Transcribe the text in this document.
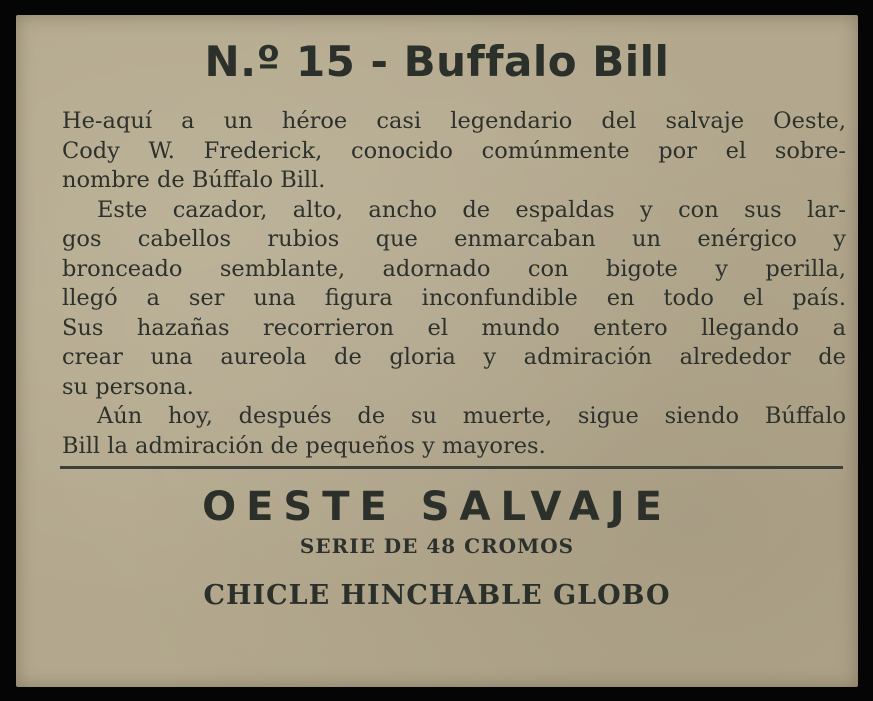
N.º 15 - Buffalo Bill
He-aquí a un héroe casi legendario del salvaje Oeste,
Cody W. Frederick, conocido comúnmente por el sobre-
nombre de Búffalo Bill.
Este cazador, alto, ancho de espaldas y con sus lar-
gos cabellos rubios que enmarcaban un enérgico y
bronceado semblante, adornado con bigote y perilla,
llegó a ser una figura inconfundible en todo el país.
Sus hazañas recorrieron el mundo entero llegando a
crear una aureola de gloria y admiración alrededor de
su persona.
Aún hoy, después de su muerte, sigue siendo Búffalo
Bill la admiración de pequeños y mayores.
OESTE SALVAJE
SERIE DE 48 CROMOS
CHICLE HINCHABLE GLOBO
